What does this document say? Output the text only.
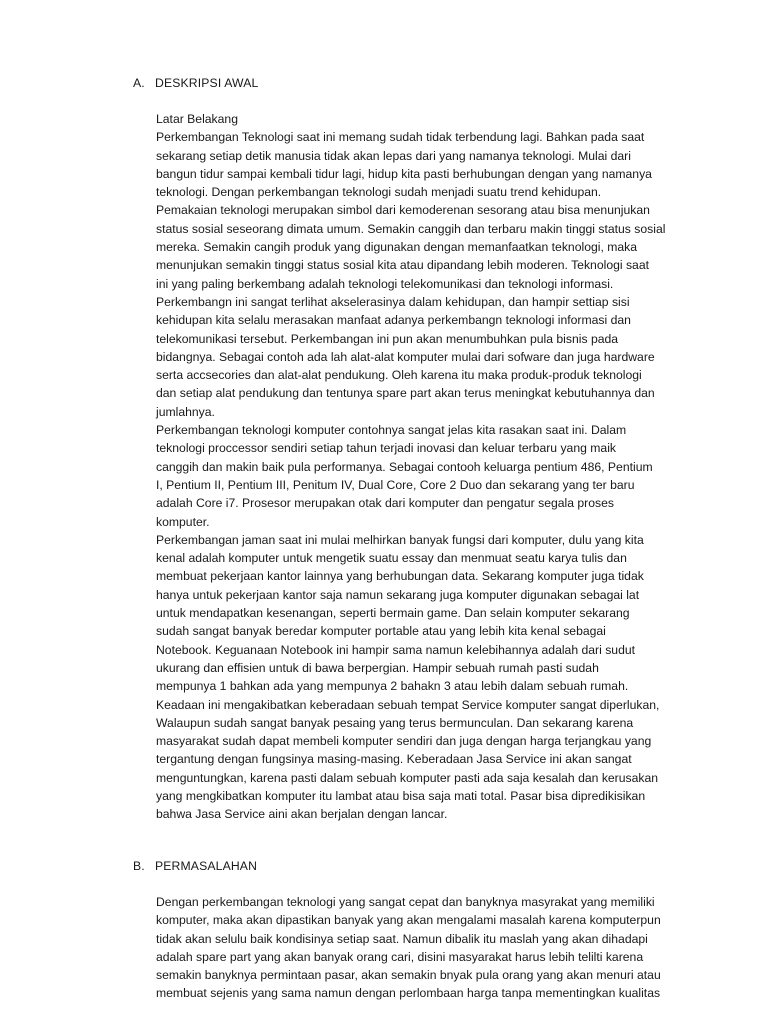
A. DESKRIPSI AWAL
Latar Belakang
Perkembangan Teknologi saat ini memang sudah tidak terbendung lagi. Bahkan pada saat
sekarang setiap detik manusia tidak akan lepas dari yang namanya teknologi. Mulai dari
bangun tidur sampai kembali tidur lagi, hidup kita pasti berhubungan dengan yang namanya
teknologi. Dengan perkembangan teknologi sudah menjadi suatu trend kehidupan.
Pemakaian teknologi merupakan simbol dari kemoderenan sesorang atau bisa menunjukan
status sosial seseorang dimata umum. Semakin canggih dan terbaru makin tinggi status sosial
mereka. Semakin cangih produk yang digunakan dengan memanfaatkan teknologi, maka
menunjukan semakin tinggi status sosial kita atau dipandang lebih moderen. Teknologi saat
ini yang paling berkembang adalah teknologi telekomunikasi dan teknologi informasi.
Perkembangn ini sangat terlihat akselerasinya dalam kehidupan, dan hampir settiap sisi
kehidupan kita selalu merasakan manfaat adanya perkembangn teknologi informasi dan
telekomunikasi tersebut. Perkembangan ini pun akan menumbuhkan pula bisnis pada
bidangnya. Sebagai contoh ada lah alat-alat komputer mulai dari sofware dan juga hardware
serta accsecories dan alat-alat pendukung. Oleh karena itu maka produk-produk teknologi
dan setiap alat pendukung dan tentunya spare part akan terus meningkat kebutuhannya dan
jumlahnya.
Perkembangan teknologi komputer contohnya sangat jelas kita rasakan saat ini. Dalam
teknologi proccessor sendiri setiap tahun terjadi inovasi dan keluar terbaru yang maik
canggih dan makin baik pula performanya. Sebagai contooh keluarga pentium 486, Pentium
I, Pentium II, Pentium III, Penitum IV, Dual Core, Core 2 Duo dan sekarang yang ter baru
adalah Core i7. Prosesor merupakan otak dari komputer dan pengatur segala proses
komputer.
Perkembangan jaman saat ini mulai melhirkan banyak fungsi dari komputer, dulu yang kita
kenal adalah komputer untuk mengetik suatu essay dan menmuat seatu karya tulis dan
membuat pekerjaan kantor lainnya yang berhubungan data. Sekarang komputer juga tidak
hanya untuk pekerjaan kantor saja namun sekarang juga komputer digunakan sebagai lat
untuk mendapatkan kesenangan, seperti bermain game. Dan selain komputer sekarang
sudah sangat banyak beredar komputer portable atau yang lebih kita kenal sebagai
Notebook. Keguanaan Notebook ini hampir sama namun kelebihannya adalah dari sudut
ukurang dan effisien untuk di bawa berpergian. Hampir sebuah rumah pasti sudah
mempunya 1 bahkan ada yang mempunya 2 bahakn 3 atau lebih dalam sebuah rumah.
Keadaan ini mengakibatkan keberadaan sebuah tempat Service komputer sangat diperlukan,
Walaupun sudah sangat banyak pesaing yang terus bermunculan. Dan sekarang karena
masyarakat sudah dapat membeli komputer sendiri dan juga dengan harga terjangkau yang
tergantung dengan fungsinya masing-masing. Keberadaan Jasa Service ini akan sangat
menguntungkan, karena pasti dalam sebuah komputer pasti ada saja kesalah dan kerusakan
yang mengkibatkan komputer itu lambat atau bisa saja mati total. Pasar bisa dipredikisikan
bahwa Jasa Service aini akan berjalan dengan lancar.
B. PERMASALAHAN
Dengan perkembangan teknologi yang sangat cepat dan banyknya masyrakat yang memiliki
komputer, maka akan dipastikan banyak yang akan mengalami masalah karena komputerpun
tidak akan selulu baik kondisinya setiap saat. Namun dibalik itu maslah yang akan dihadapi
adalah spare part yang akan banyak orang cari, disini masyarakat harus lebih telilti karena
semakin banyknya permintaan pasar, akan semakin bnyak pula orang yang akan menuri atau
membuat sejenis yang sama namun dengan perlombaan harga tanpa mementingkan kualitas
